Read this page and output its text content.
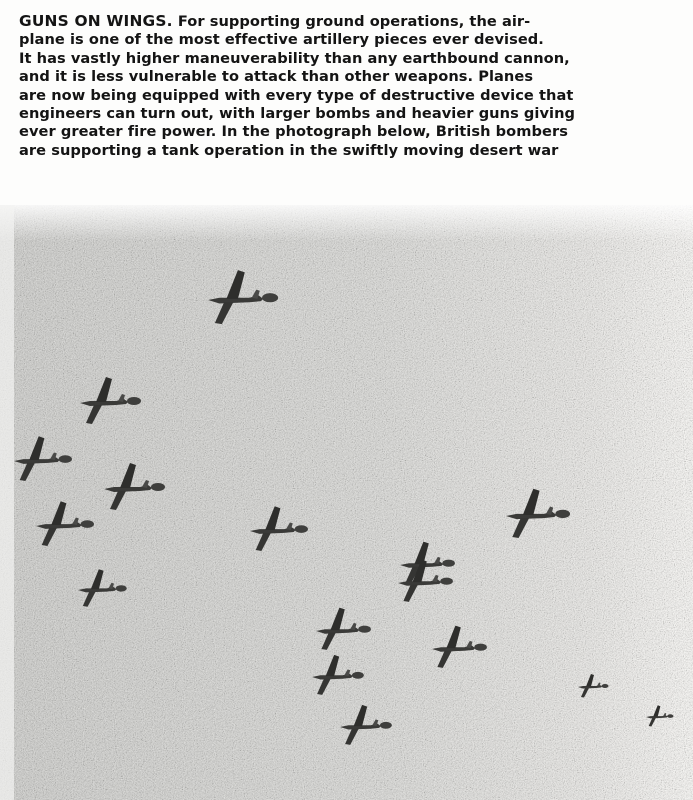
GUNS ON WINGS. For supporting ground operations, the air-
plane is one of the most effective artillery pieces ever devised.
It has vastly higher maneuverability than any earthbound cannon,
and it is less vulnerable to attack than other weapons. Planes
are now being equipped with every type of destructive device that
engineers can turn out, with larger bombs and heavier guns giving
ever greater fire power. In the photograph below, British bombers
are supporting a tank operation in the swiftly moving desert war
